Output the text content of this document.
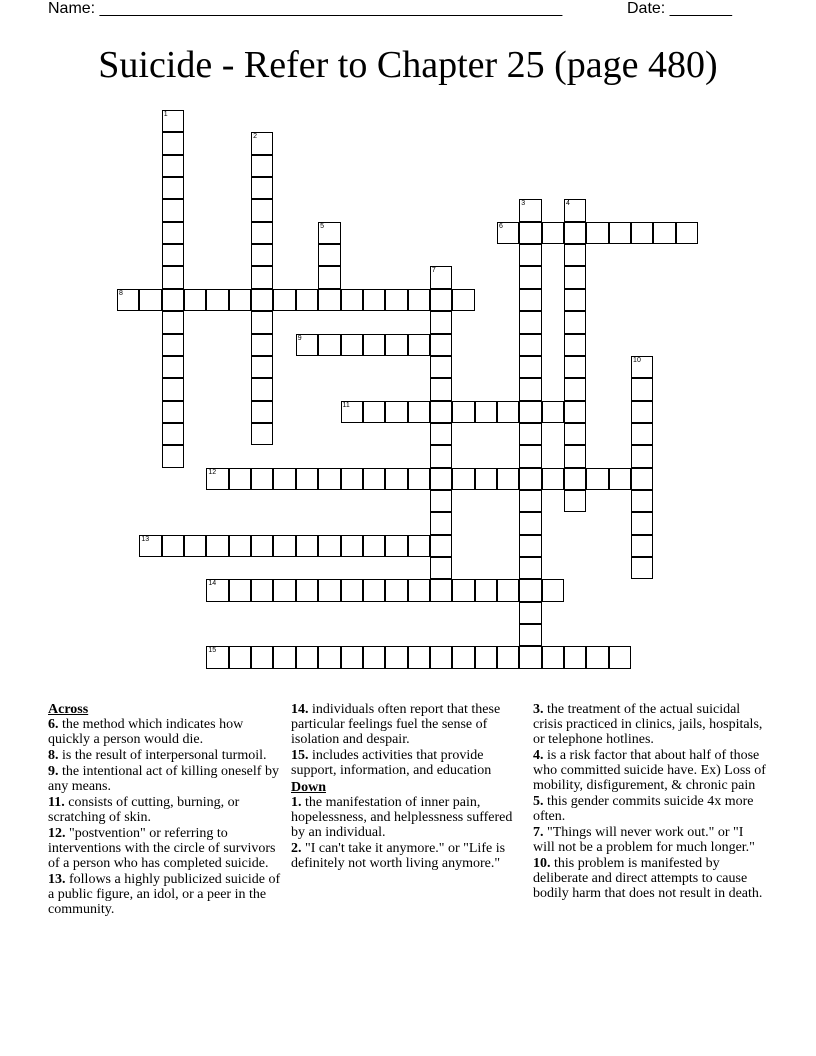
Name: ____________________________________________________	Date: _______
Suicide - Refer to Chapter 25 (page 480)
1
2
3	4
5	6
7
8
9
10
11
12
13
14
15
Across
6. the method which indicates how quickly a person would die.
8. is the result of interpersonal turmoil.
9. the intentional act of killing oneself by any means.
11. consists of cutting, burning, or scratching of skin.
12. "postvention" or referring to interventions with the circle of survivors of a person who has completed suicide.
13. follows a highly publicized suicide of a public figure, an idol, or a peer in the community.
14. individuals often report that these particular feelings fuel the sense of isolation and despair.
15. includes activities that provide support, information, and education
Down
1. the manifestation of inner pain, hopelessness, and helplessness suffered by an individual.
2. "I can't take it anymore." or "Life is definitely not worth living anymore."
3. the treatment of the actual suicidal crisis practiced in clinics, jails, hospitals, or telephone hotlines.
4. is a risk factor that about half of those who committed suicide have. Ex) Loss of mobility, disfigurement, & chronic pain
5. this gender commits suicide 4x more often.
7. "Things will never work out." or "I will not be a problem for much longer."
10. this problem is manifested by deliberate and direct attempts to cause bodily harm that does not result in death.
